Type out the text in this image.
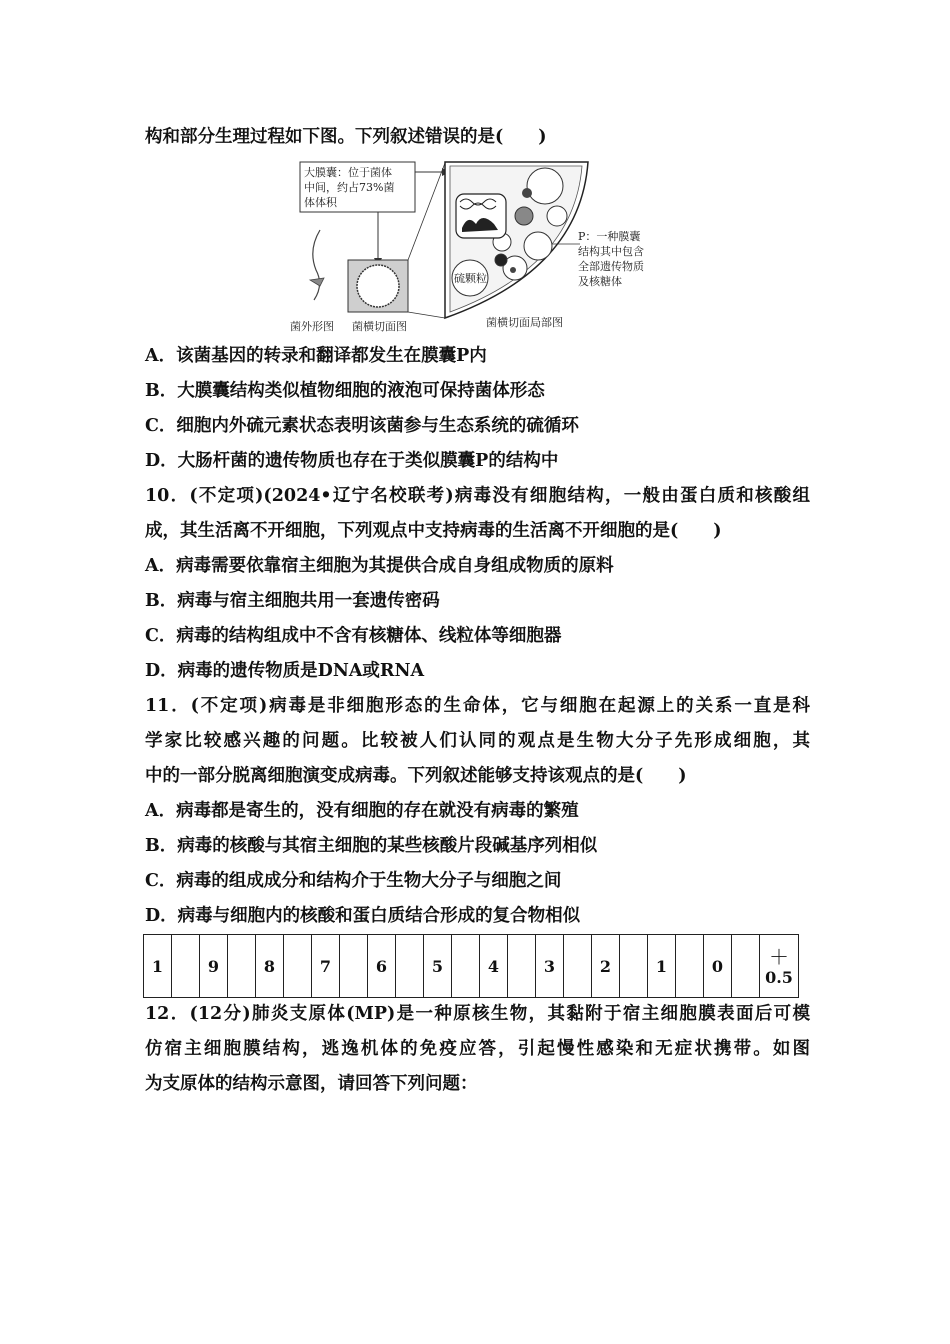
构和部分生理过程如下图。下列叙述错误的是(　　)
大膜囊：位于菌体
中间，约占73%菌
体体积
硫颗粒
P：一种膜囊
结构其中包含
全部遗传物质
及核糖体
菌外形图 菌横切面图	菌横切面局部图
A．该菌基因的转录和翻译都发生在膜囊P内
B．大膜囊结构类似植物细胞的液泡可保持菌体形态
C．细胞内外硫元素状态表明该菌参与生态系统的硫循环
D．大肠杆菌的遗传物质也存在于类似膜囊P的结构中
10．(不定项)(2024•辽宁名校联考)病毒没有细胞结构，一般由蛋白质和核酸组
成，其生活离不开细胞，下列观点中支持病毒的生活离不开细胞的是(　　)
A．病毒需要依靠宿主细胞为其提供合成自身组成物质的原料
B．病毒与宿主细胞共用一套遗传密码
C．病毒的结构组成中不含有核糖体、线粒体等细胞器
D．病毒的遗传物质是DNA或RNA
11．(不定项)病毒是非细胞形态的生命体，它与细胞在起源上的关系一直是科
学家比较感兴趣的问题。比较被人们认同的观点是生物大分子先形成细胞，其
中的一部分脱离细胞演变成病毒。下列叙述能够支持该观点的是(　　)
A．病毒都是寄生的，没有细胞的存在就没有病毒的繁殖
B．病毒的核酸与其宿主细胞的某些核酸片段碱基序列相似
C．病毒的组成成分和结构介于生物大分子与细胞之间
D．病毒与细胞内的核酸和蛋白质结合形成的复合物相似
1		9		8		7		6		5		4		3		2		1		0		＋
0.5
12．(12分)肺炎支原体(MP)是一种原核生物，其黏附于宿主细胞膜表面后可模
仿宿主细胞膜结构，逃逸机体的免疫应答，引起慢性感染和无症状携带。如图
为支原体的结构示意图，请回答下列问题：
